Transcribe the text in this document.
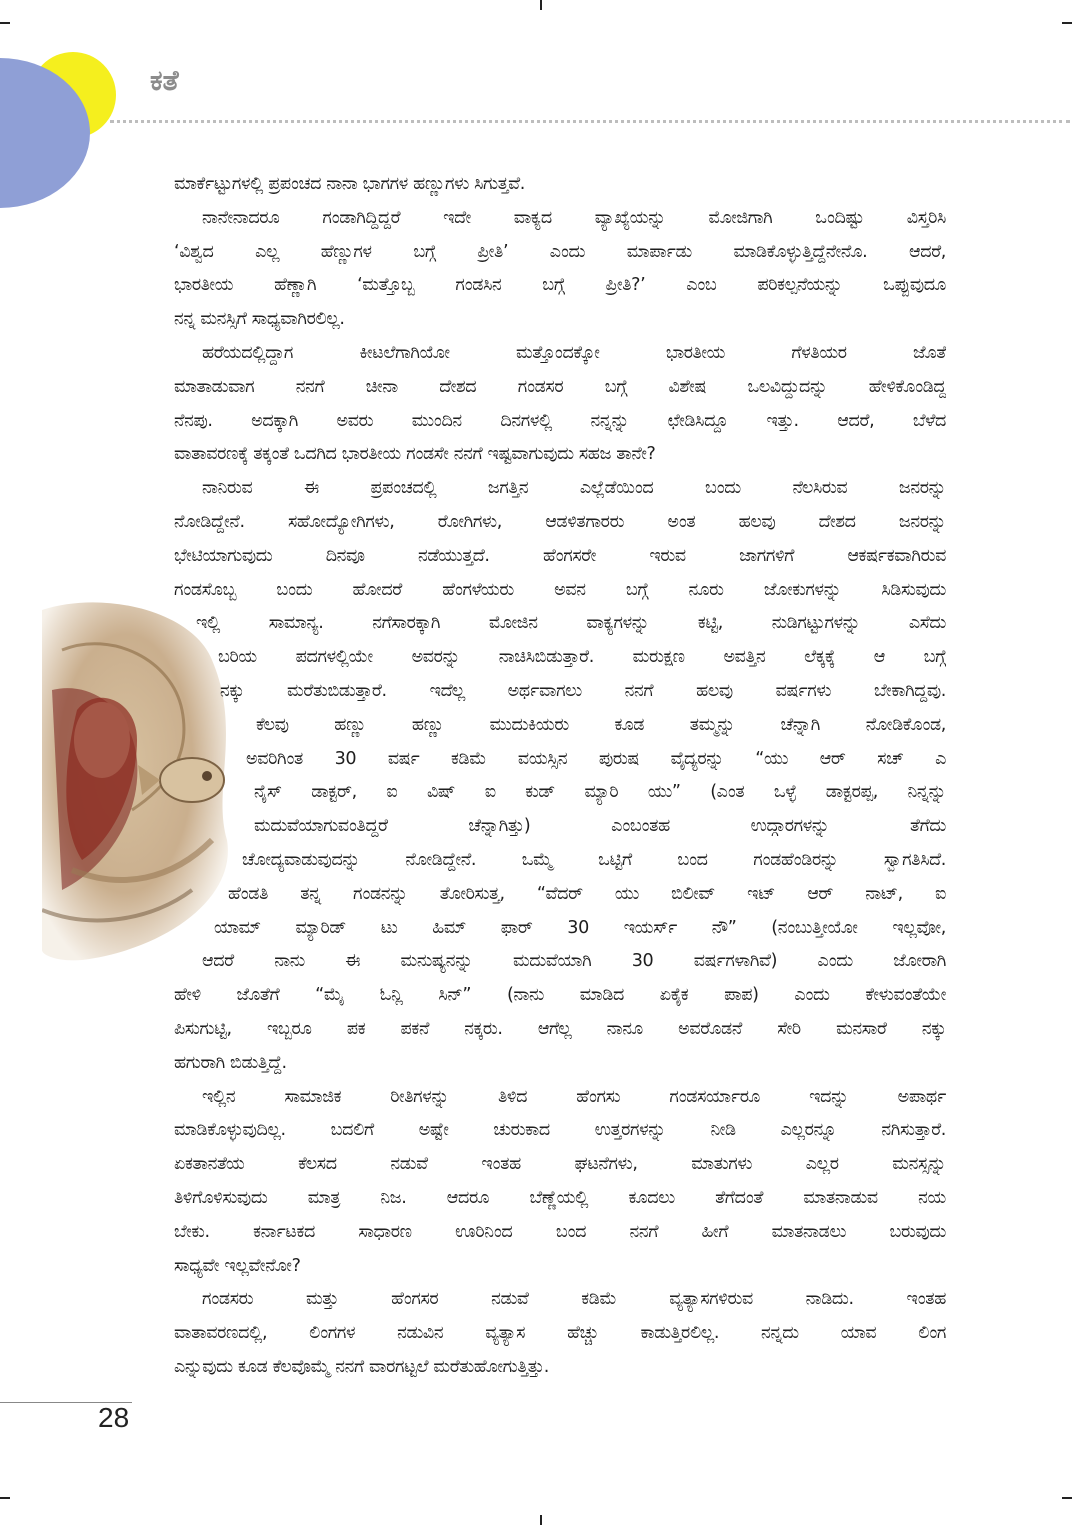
ಕತೆ
ಮಾರ್ಕೆಟ್ಟುಗಳಲ್ಲಿ ಪ್ರಪಂಚದ ನಾನಾ ಭಾಗಗಳ ಹಣ್ಣುಗಳು ಸಿಗುತ್ತವೆ.
ನಾನೇನಾದರೂ ಗಂಡಾಗಿದ್ದಿದ್ದರೆ ಇದೇ ವಾಕ್ಯದ ವ್ಯಾಖ್ಯೆಯನ್ನು ಮೋಜಿಗಾಗಿ ಒಂದಿಷ್ಟು ವಿಸ್ತರಿಸಿ
‘ವಿಶ್ವದ ಎಲ್ಲ ಹೆಣ್ಣುಗಳ ಬಗ್ಗೆ ಪ್ರೀತಿ’ ಎಂದು ಮಾರ್ಪಾಡು ಮಾಡಿಕೊಳ್ಳುತ್ತಿದ್ದೆನೇನೊ. ಆದರೆ,
ಭಾರತೀಯ ಹೆಣ್ಣಾಗಿ ‘ಮತ್ತೊಬ್ಬ ಗಂಡಸಿನ ಬಗ್ಗೆ ಪ್ರೀತಿ?’ ಎಂಬ ಪರಿಕಲ್ಪನೆಯನ್ನು ಒಪ್ಪುವುದೂ
ನನ್ನ ಮನಸ್ಸಿಗೆ ಸಾಧ್ಯವಾಗಿರಲಿಲ್ಲ.
ಹರೆಯದಲ್ಲಿದ್ದಾಗ ಕೀಟಲೆಗಾಗಿಯೋ ಮತ್ತೊಂದಕ್ಕೋ ಭಾರತೀಯ ಗೆಳತಿಯರ ಜೊತೆ
ಮಾತಾಡುವಾಗ ನನಗೆ ಚೀನಾ ದೇಶದ ಗಂಡಸರ ಬಗ್ಗೆ ವಿಶೇಷ ಒಲವಿದ್ದುದನ್ನು ಹೇಳಿಕೊಂಡಿದ್ದ
ನೆನಪು. ಅದಕ್ಕಾಗಿ ಅವರು ಮುಂದಿನ ದಿನಗಳಲ್ಲಿ ನನ್ನನ್ನು ಛೇಡಿಸಿದ್ದೂ ಇತ್ತು. ಆದರೆ, ಬೆಳೆದ
ವಾತಾವರಣಕ್ಕೆ ತಕ್ಕಂತೆ ಒದಗಿದ ಭಾರತೀಯ ಗಂಡಸೇ ನನಗೆ ಇಷ್ಟವಾಗುವುದು ಸಹಜ ತಾನೇ?
ನಾನಿರುವ ಈ ಪ್ರಪಂಚದಲ್ಲಿ ಜಗತ್ತಿನ ಎಲ್ಲೆಡೆಯಿಂದ ಬಂದು ನೆಲಸಿರುವ ಜನರನ್ನು
ನೋಡಿದ್ದೇನೆ. ಸಹೋದ್ಯೋಗಿಗಳು, ರೋಗಿಗಳು, ಆಡಳಿತಗಾರರು ಅಂತ ಹಲವು ದೇಶದ ಜನರನ್ನು
ಭೇಟಿಯಾಗುವುದು ದಿನವೂ ನಡೆಯುತ್ತದೆ. ಹೆಂಗಸರೇ ಇರುವ ಜಾಗಗಳಿಗೆ ಆಕರ್ಷಕವಾಗಿರುವ
ಗಂಡಸೊಬ್ಬ ಬಂದು ಹೋದರೆ ಹೆಂಗಳೆಯರು ಅವನ ಬಗ್ಗೆ ನೂರು ಜೋಕುಗಳನ್ನು ಸಿಡಿಸುವುದು
ಇಲ್ಲಿ ಸಾಮಾನ್ಯ. ನಗೆಸಾರಕ್ಕಾಗಿ ಮೋಜಿನ ವಾಕ್ಯಗಳನ್ನು ಕಟ್ಟಿ, ನುಡಿಗಟ್ಟುಗಳನ್ನು ಎಸೆದು
ಬರಿಯ ಪದಗಳಲ್ಲಿಯೇ ಅವರನ್ನು ನಾಚಿಸಿಬಿಡುತ್ತಾರೆ. ಮರುಕ್ಷಣ ಅವತ್ತಿನ ಲೆಕ್ಕಕ್ಕೆ ಆ ಬಗ್ಗೆ
ನಕ್ಕು ಮರೆತುಬಿಡುತ್ತಾರೆ. ಇದೆಲ್ಲ ಅರ್ಥವಾಗಲು ನನಗೆ ಹಲವು ವರ್ಷಗಳು ಬೇಕಾಗಿದ್ದವು.
ಕೆಲವು ಹಣ್ಣು ಹಣ್ಣು ಮುದುಕಿಯರು ಕೂಡ ತಮ್ಮನ್ನು ಚೆನ್ನಾಗಿ ನೋಡಿಕೊಂಡ,
ಅವರಿಗಿಂತ 30 ವರ್ಷ ಕಡಿಮೆ ವಯಸ್ಸಿನ ಪುರುಷ ವೈದ್ಯರನ್ನು “ಯು ಆರ್ ಸಚ್ ಎ
ನೈಸ್ ಡಾಕ್ಟರ್, ಐ ವಿಷ್ ಐ ಕುಡ್ ಮ್ಯಾರಿ ಯು” (ಎಂತ ಒಳ್ಳೆ ಡಾಕ್ಟರಪ್ಪ, ನಿನ್ನನ್ನು
ಮದುವೆಯಾಗುವಂತಿದ್ದರೆ ಚೆನ್ನಾಗಿತ್ತು) ಎಂಬಂತಹ ಉದ್ಗಾರಗಳನ್ನು ತೆಗೆದು
ಚೋದ್ಯವಾಡುವುದನ್ನು ನೋಡಿದ್ದೇನೆ. ಒಮ್ಮೆ ಒಟ್ಟಿಗೆ ಬಂದ ಗಂಡಹೆಂಡಿರನ್ನು ಸ್ವಾಗತಿಸಿದೆ.
ಹೆಂಡತಿ ತನ್ನ ಗಂಡನನ್ನು ತೋರಿಸುತ್ತ, “ವೆದರ್ ಯು ಬಿಲೀವ್ ಇಟ್ ಆರ್ ನಾಟ್, ಐ
ಯಾಮ್ ಮ್ಯಾರಿಡ್ ಟು ಹಿಮ್ ಫಾರ್ 30 ಇಯರ್ಸ್ ನೌ” (ನಂಬುತ್ತೀಯೋ ಇಲ್ಲವೋ,
ಆದರೆ ನಾನು ಈ ಮನುಷ್ಯನನ್ನು ಮದುವೆಯಾಗಿ 30 ವರ್ಷಗಳಾಗಿವೆ) ಎಂದು ಜೋರಾಗಿ
ಹೇಳಿ ಜೊತೆಗೆ “ಮೈ ಓನ್ಲಿ ಸಿನ್” (ನಾನು ಮಾಡಿದ ಏಕೈಕ ಪಾಪ) ಎಂದು ಕೇಳುವಂತೆಯೇ
ಪಿಸುಗುಟ್ಟಿ, ಇಬ್ಬರೂ ಪಕ ಪಕನೆ ನಕ್ಕರು. ಆಗೆಲ್ಲ ನಾನೂ ಅವರೊಡನೆ ಸೇರಿ ಮನಸಾರೆ ನಕ್ಕು
ಹಗುರಾಗಿ ಬಿಡುತ್ತಿದ್ದೆ.
ಇಲ್ಲಿನ ಸಾಮಾಜಿಕ ರೀತಿಗಳನ್ನು ತಿಳಿದ ಹೆಂಗಸು ಗಂಡಸರ್ಯಾರೂ ಇದನ್ನು ಅಪಾರ್ಥ
ಮಾಡಿಕೊಳ್ಳುವುದಿಲ್ಲ. ಬದಲಿಗೆ ಅಷ್ಟೇ ಚುರುಕಾದ ಉತ್ತರಗಳನ್ನು ನೀಡಿ ಎಲ್ಲರನ್ನೂ ನಗಿಸುತ್ತಾರೆ.
ಏಕತಾನತೆಯ ಕೆಲಸದ ನಡುವೆ ಇಂತಹ ಘಟನೆಗಳು, ಮಾತುಗಳು ಎಲ್ಲರ ಮನಸ್ಸನ್ನು
ತಿಳಿಗೊಳಿಸುವುದು ಮಾತ್ರ ನಿಜ. ಆದರೂ ಬೆಣ್ಣೆಯಲ್ಲಿ ಕೂದಲು ತೆಗೆದಂತೆ ಮಾತನಾಡುವ ನಯ
ಬೇಕು. ಕರ್ನಾಟಕದ ಸಾಧಾರಣ ಊರಿನಿಂದ ಬಂದ ನನಗೆ ಹೀಗೆ ಮಾತನಾಡಲು ಬರುವುದು
ಸಾಧ್ಯವೇ ಇಲ್ಲವೇನೋ?
ಗಂಡಸರು ಮತ್ತು ಹೆಂಗಸರ ನಡುವೆ ಕಡಿಮೆ ವ್ಯತ್ಯಾಸಗಳಿರುವ ನಾಡಿದು. ಇಂತಹ
ವಾತಾವರಣದಲ್ಲಿ, ಲಿಂಗಗಳ ನಡುವಿನ ವ್ಯತ್ಯಾಸ ಹೆಚ್ಚು ಕಾಡುತ್ತಿರಲಿಲ್ಲ. ನನ್ನದು ಯಾವ ಲಿಂಗ
ಎನ್ನುವುದು ಕೂಡ ಕೆಲವೊಮ್ಮೆ ನನಗೆ ವಾರಗಟ್ಟಲೆ ಮರೆತುಹೋಗುತ್ತಿತ್ತು.
28
